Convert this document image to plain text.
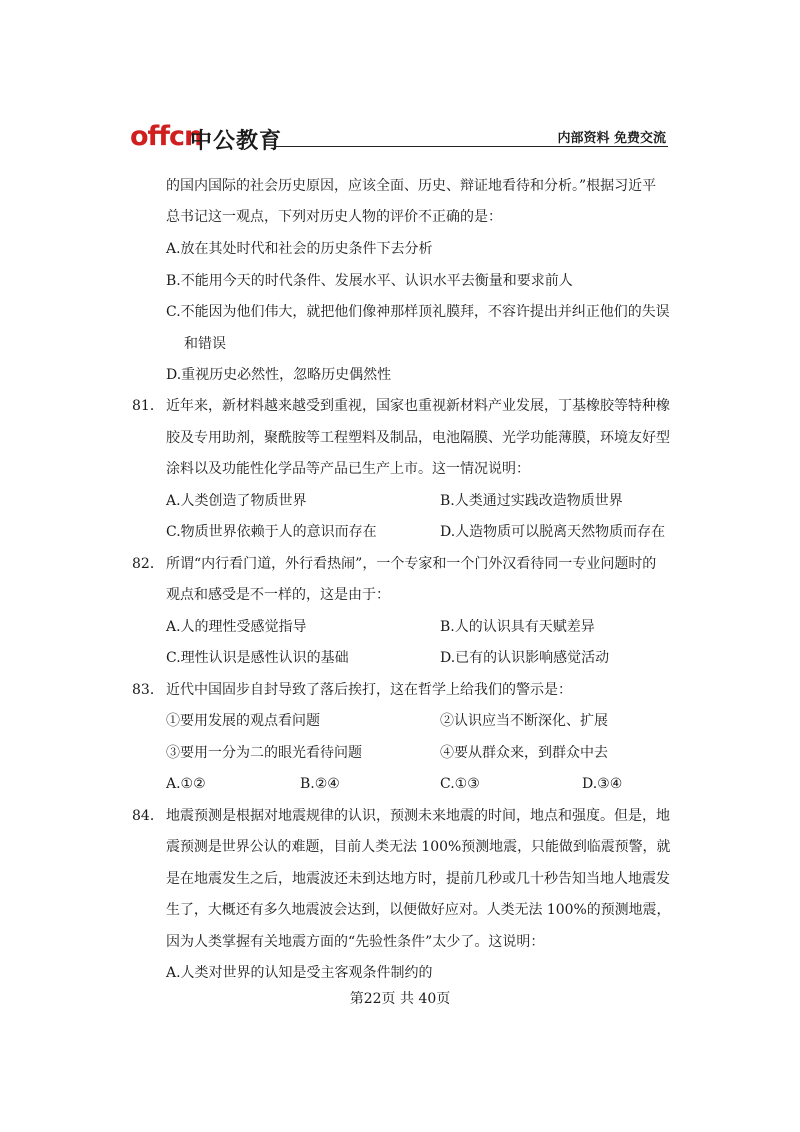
offcn
中公教育	内部资料 免费交流
的国内国际的社会历史原因，应该全面、历史、辩证地看待和分析。”根据习近平
总书记这一观点，下列对历史人物的评价不正确的是：
A.放在其处时代和社会的历史条件下去分析
B.不能用今天的时代条件、发展水平、认识水平去衡量和要求前人
C.不能因为他们伟大，就把他们像神那样顶礼膜拜，不容许提出并纠正他们的失误
和错误
D.重视历史必然性，忽略历史偶然性
81． 近年来，新材料越来越受到重视，国家也重视新材料产业发展，丁基橡胶等特种橡
胶及专用助剂，聚酰胺等工程塑料及制品，电池隔膜、光学功能薄膜，环境友好型
涂料以及功能性化学品等产品已生产上市。这一情况说明：
A.人类创造了物质世界	B.人类通过实践改造物质世界
C.物质世界依赖于人的意识而存在	D.人造物质可以脱离天然物质而存在
82． 所谓“内行看门道，外行看热闹”，一个专家和一个门外汉看待同一专业问题时的
观点和感受是不一样的，这是由于：
A.人的理性受感觉指导	B.人的认识具有天赋差异
C.理性认识是感性认识的基础	D.已有的认识影响感觉活动
83． 近代中国固步自封导致了落后挨打，这在哲学上给我们的警示是：
①要用发展的观点看问题	②认识应当不断深化、扩展
③要用一分为二的眼光看待问题	④要从群众来，到群众中去
A.①②	B.②④	C.①③	D.③④
84． 地震预测是根据对地震规律的认识，预测未来地震的时间，地点和强度。但是，地
震预测是世界公认的难题，目前人类无法 100%预测地震，只能做到临震预警，就
是在地震发生之后，地震波还未到达地方时，提前几秒或几十秒告知当地人地震发
生了，大概还有多久地震波会达到，以便做好应对。人类无法 100%的预测地震，
因为人类掌握有关地震方面的“先验性条件”太少了。这说明：
A.人类对世界的认知是受主客观条件制约的
第22页 共 40页
